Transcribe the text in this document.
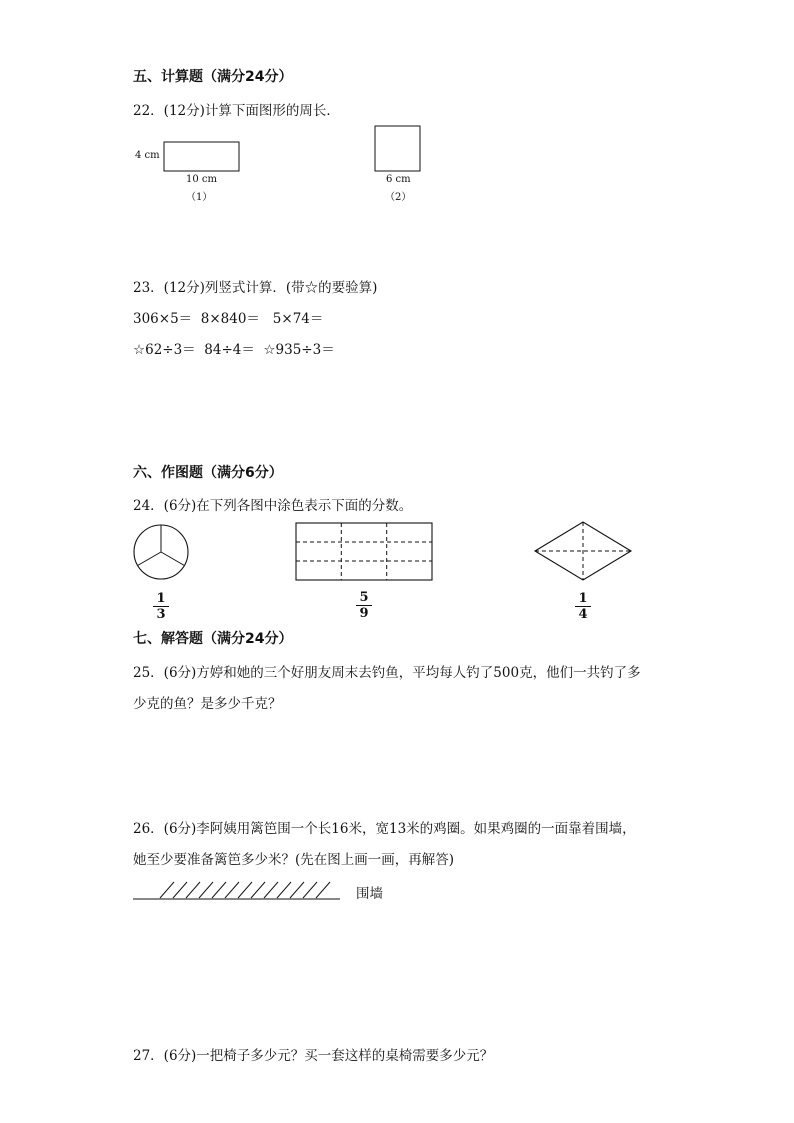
五、计算题（满分24分）
22．(12分)计算下面图形的周长．
4 cm
10 cm
（1）
6 cm
（2）
23．(12分)列竖式计算．(带☆的要验算)
306×5＝  8×840＝   5×74＝
☆62÷3＝  84÷4＝  ☆935÷3＝
六、作图题（满分6分）
24．(6分)在下列各图中涂色表示下面的分数。
1
3
5
9
1
4
七、解答题（满分24分）
25．(6分)方婷和她的三个好朋友周末去钓鱼，平均每人钓了500克，他们一共钓了多
少克的鱼？是多少千克？
26．(6分)李阿姨用篱笆围一个长16米，宽13米的鸡圈。如果鸡圈的一面靠着围墙，
她至少要准备篱笆多少米？(先在图上画一画，再解答)
围墙
27．(6分)一把椅子多少元？买一套这样的桌椅需要多少元？
